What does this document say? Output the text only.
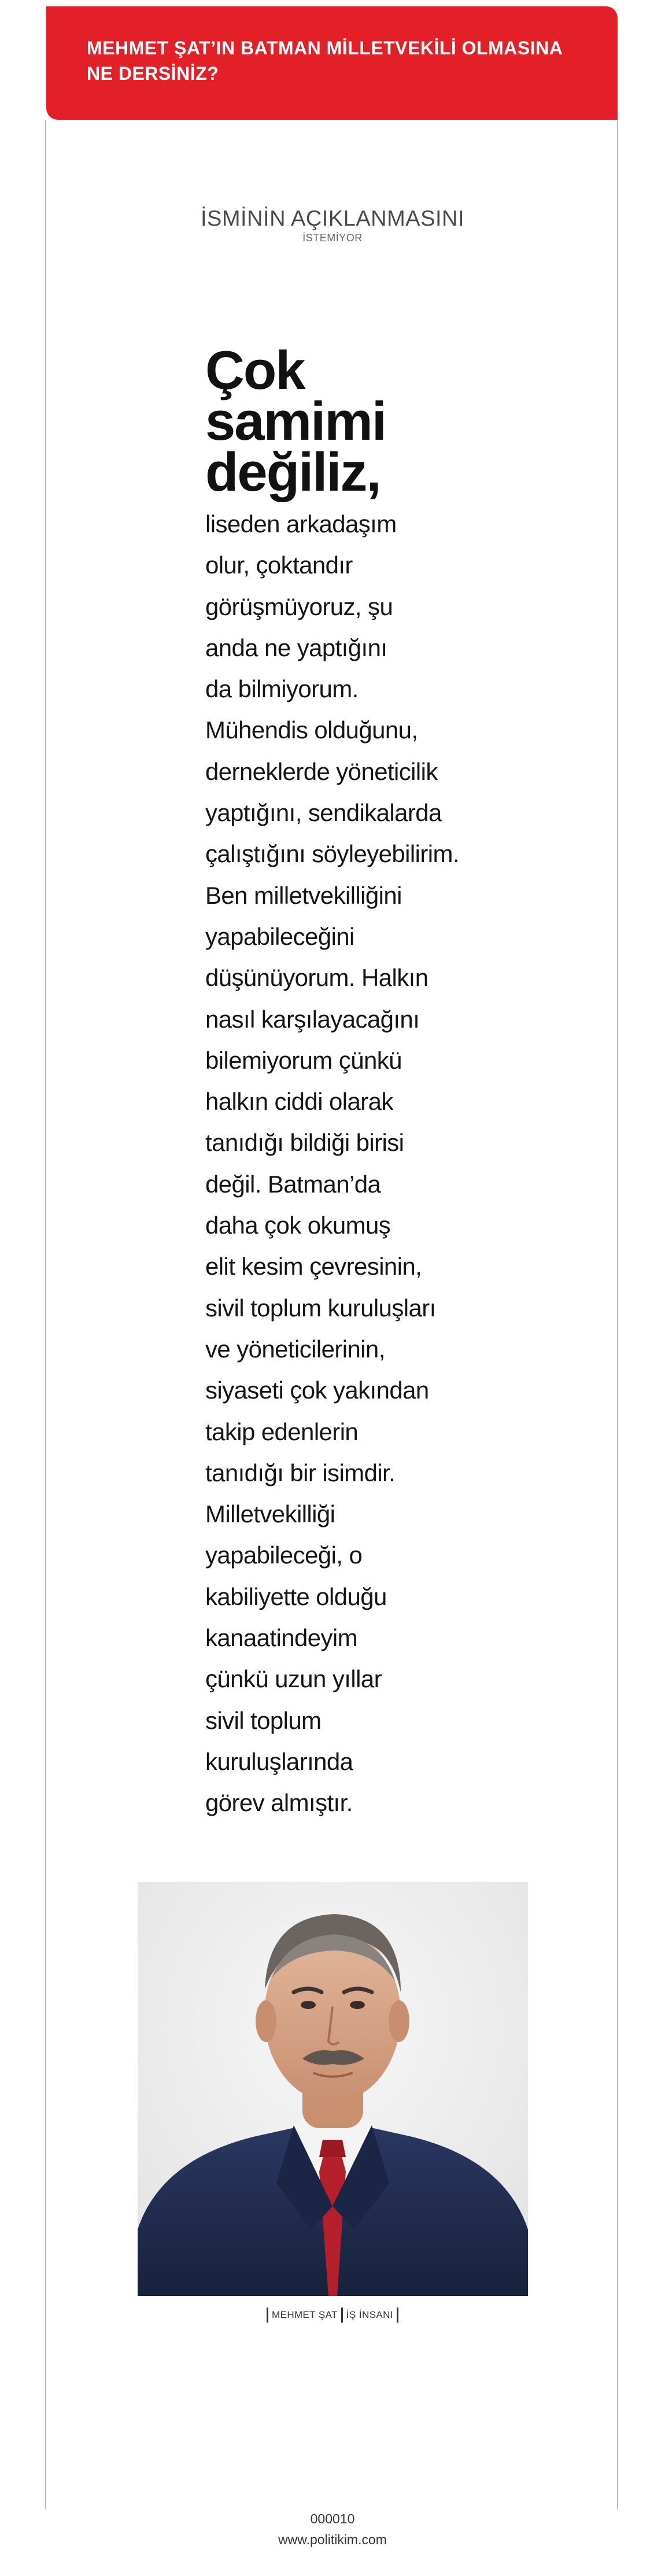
MEHMET ŞAT’IN BATMAN MİLLETVEKİLİ OLMASINA
NE DERSİNİZ?

İSMİNİN AÇIKLANMASINI
İSTEMİYOR
Çok
samimi
değiliz,
liseden arkadaşım
olur, çoktandır
görüşmüyoruz, şu
anda ne yaptığını
da bilmiyorum.
Mühendis olduğunu,
derneklerde yöneticilik
yaptığını, sendikalarda
çalıştığını söyleyebilirim.
Ben milletvekilliğini
yapabileceğini
düşünüyorum. Halkın
nasıl karşılayacağını
bilemiyorum çünkü
halkın ciddi olarak
tanıdığı bildiği birisi
değil. Batman’da
daha çok okumuş
elit kesim çevresinin,
sivil toplum kuruluşları
ve yöneticilerinin,
siyaseti çok yakından
takip edenlerin
tanıdığı bir isimdir.
Milletvekilliği
yapabileceği, o
kabiliyette olduğu
kanaatindeyim
çünkü uzun yıllar
sivil toplum
kuruluşlarında
görev almıştır.
MEHMET ŞAT İŞ İNSANI
000010
www.politikim.com
